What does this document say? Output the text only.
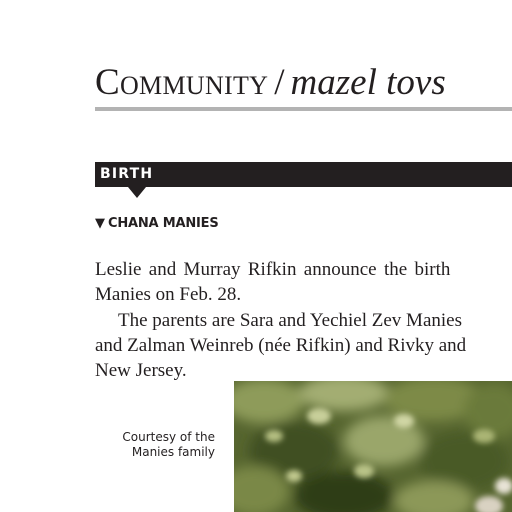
Community / mazel tovs
BIRTH
▼ CHANA MANIES
Leslie and Murray Rifkin announce the birth
Manies on Feb. 28.
The parents are Sara and Yechiel Zev Manies
and Zalman Weinreb (née Rifkin) and Rivky and
New Jersey.
Courtesy of the
Manies family
